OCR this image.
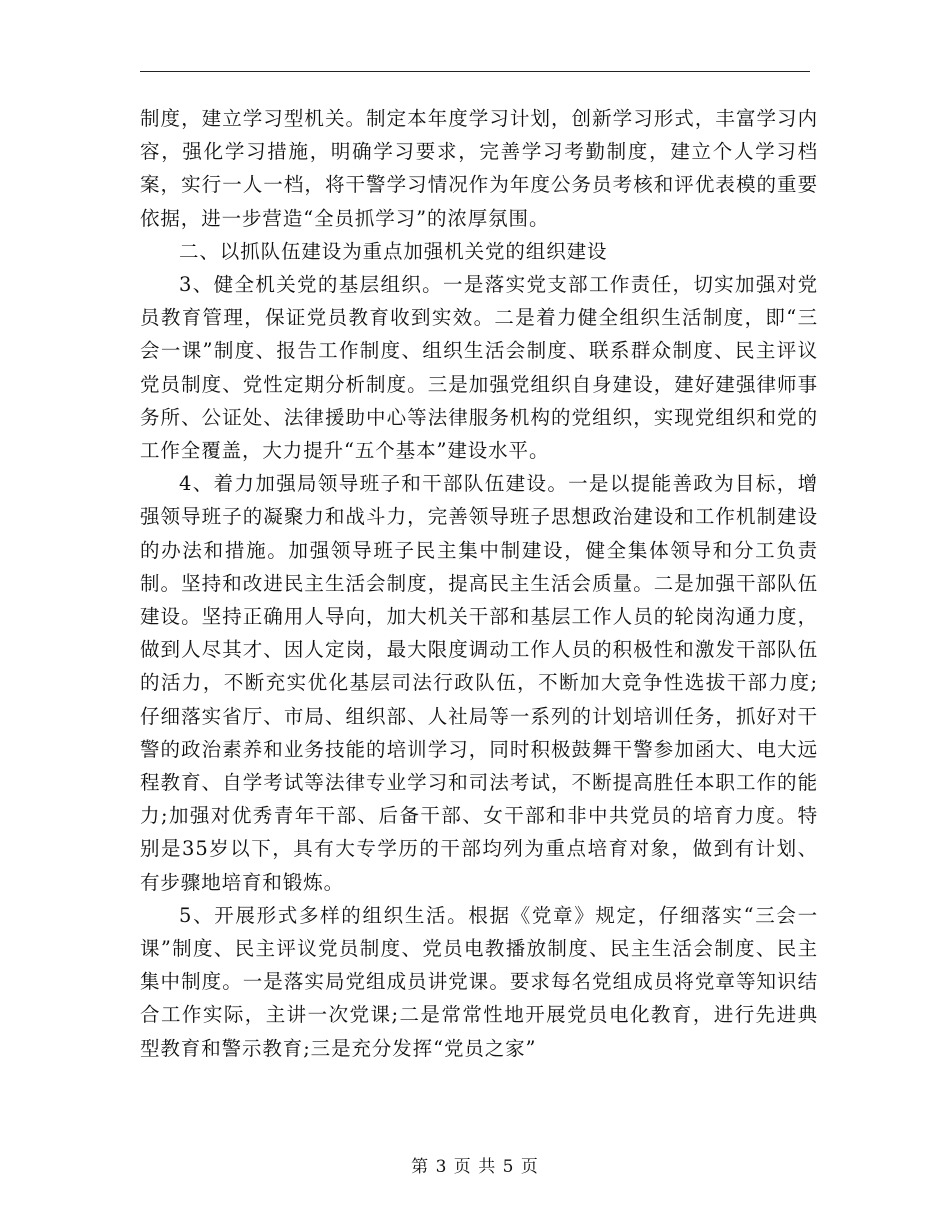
制度，建立学习型机关。制定本年度学习计划，创新学习形式，丰富学习内容，强化学习措施，明确学习要求，完善学习考勤制度，建立个人学习档案，实行一人一档，将干警学习情况作为年度公务员考核和评优表模的重要依据，进一步营造“全员抓学习”的浓厚氛围。

二、以抓队伍建设为重点加强机关党的组织建设

3、健全机关党的基层组织。一是落实党支部工作责任，切实加强对党员教育管理，保证党员教育收到实效。二是着力健全组织生活制度，即“三会一课”制度、报告工作制度、组织生活会制度、联系群众制度、民主评议党员制度、党性定期分析制度。三是加强党组织自身建设，建好建强律师事务所、公证处、法律援助中心等法律服务机构的党组织，实现党组织和党的工作全覆盖，大力提升“五个基本”建设水平。

4、着力加强局领导班子和干部队伍建设。一是以提能善政为目标，增强领导班子的凝聚力和战斗力，完善领导班子思想政治建设和工作机制建设的办法和措施。加强领导班子民主集中制建设，健全集体领导和分工负责制。坚持和改进民主生活会制度，提高民主生活会质量。二是加强干部队伍建设。坚持正确用人导向，加大机关干部和基层工作人员的轮岗沟通力度，做到人尽其才、因人定岗，最大限度调动工作人员的积极性和激发干部队伍的活力，不断充实优化基层司法行政队伍，不断加大竞争性选拔干部力度;仔细落实省厅、市局、组织部、人社局等一系列的计划培训任务，抓好对干警的政治素养和业务技能的培训学习，同时积极鼓舞干警参加函大、电大远程教育、自学考试等法律专业学习和司法考试，不断提高胜任本职工作的能力;加强对优秀青年干部、后备干部、女干部和非中共党员的培育力度。特别是35岁以下，具有大专学历的干部均列为重点培育对象，做到有计划、有步骤地培育和锻炼。

5、开展形式多样的组织生活。根据《党章》规定，仔细落实“三会一课”制度、民主评议党员制度、党员电教播放制度、民主生活会制度、民主集中制度。一是落实局党组成员讲党课。要求每名党组成员将党章等知识结合工作实际，主讲一次党课;二是常常性地开展党员电化教育，进行先进典型教育和警示教育;三是充分发挥“党员之家”

第 3 页 共 5 页
